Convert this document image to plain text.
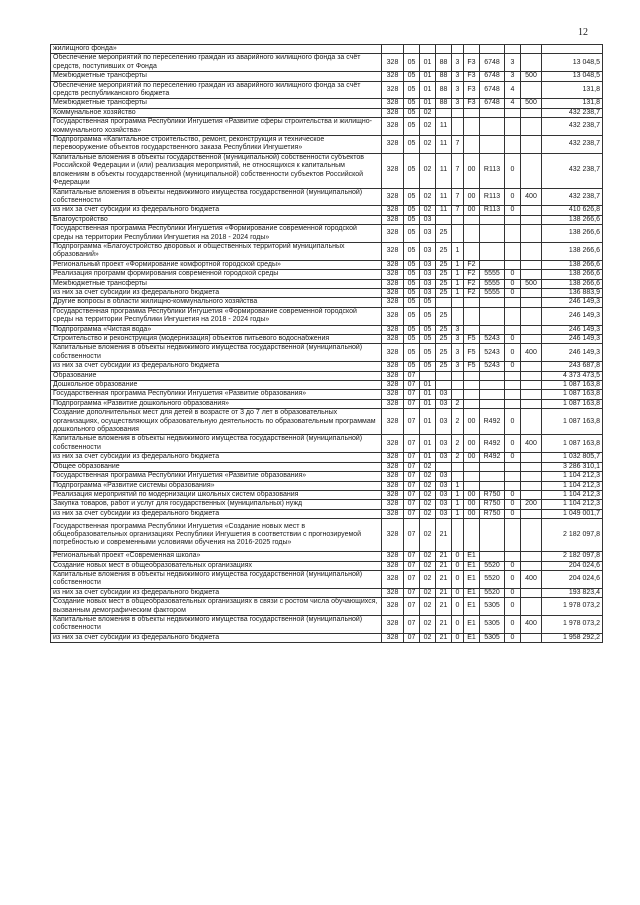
12
жилищного фонда»										
Обеспечение мероприятий по переселению граждан из аварийного жилищного фонда за счёт средств, поступивших от Фонда	328	05	01	88	3	F3	6748	3		13 048,5
Межбюджетные трансферты	328	05	01	88	3	F3	6748	3	500	13 048,5
Обеспечение мероприятий по переселению граждан из аварийного жилищного фонда за счёт средств республиканского бюджета	328	05	01	88	3	F3	6748	4		131,8
Межбюджетные трансферты	328	05	01	88	3	F3	6748	4	500	131,8
Коммунальное хозяйство	328	05	02							432 238,7
Государственная программа Республики Ингушетия «Развитие сферы строительства и жилищно-коммунального хозяйства»	328	05	02	11						432 238,7
Подпрограмма «Капитальное строительство, ремонт, реконструкция и техническое перевооружение объектов государственного заказа Республики Ингушетия»	328	05	02	11	7					432 238,7
Капитальные вложения в объекты государственной (муниципальной) собственности субъектов Российской Федерации и (или) реализация мероприятий, не относящихся к капитальным вложениям в объекты государственной (муниципальной) собственности субъектов Российской Федерации	328	05	02	11	7	00	R113	0		432 238,7
Капитальные вложения в объекты недвижимого имущества государственной (муниципальной) собственности	328	05	02	11	7	00	R113	0	400	432 238,7
из них за счет субсидии из федерального бюджета	328	05	02	11	7	00	R113	0		410 626,8
Благоустройство	328	05	03							138 266,6
Государственная программа Республики Ингушетия «Формирование современной городской среды на территории Республики Ингушетия на 2018 - 2024 годы»	328	05	03	25						138 266,6
Подпрограмма «Благоустройство дворовых и общественных территорий муниципальных образований»	328	05	03	25	1					138 266,6
Региональный проект «Формирование комфортной городской среды»	328	05	03	25	1	F2				138 266,6
Реализация программ формирования современной городской среды	328	05	03	25	1	F2	5555	0		138 266,6
Межбюджетные трансферты	328	05	03	25	1	F2	5555	0	500	138 266,6
из них за счет субсидии из федерального бюджета	328	05	03	25	1	F2	5555	0		136 883,9
Другие вопросы в области жилищно-коммунального хозяйства	328	05	05							246 149,3
Государственная программа Республики Ингушетия «Формирование современной городской среды на территории Республики Ингушетия на 2018 - 2024 годы»	328	05	05	25						246 149,3
Подпрограмма «Чистая вода»	328	05	05	25	3					246 149,3
Строительство и реконструкция (модернизация) объектов питьевого водоснабжения	328	05	05	25	3	F5	5243	0		246 149,3
Капитальные вложения в объекты недвижимого имущества государственной (муниципальной) собственности	328	05	05	25	3	F5	5243	0	400	246 149,3
из них за счет субсидии из федерального бюджета	328	05	05	25	3	F5	5243	0		243 687,8
Образование	328	07								4 373 473,5
Дошкольное образование	328	07	01							1 087 163,8
Государственная программа Республики Ингушетия «Развитие образования»	328	07	01	03						1 087 163,8
Подпрограмма «Развитие дошкольного образования»	328	07	01	03	2					1 087 163,8
Создание дополнительных мест для детей в возрасте от 3 до 7 лет в образовательных организациях, осуществляющих образовательную деятельность по образовательным программам дошкольного образования	328	07	01	03	2	00	R492	0		1 087 163,8
Капитальные вложения в объекты недвижимого имущества государственной (муниципальной) собственности	328	07	01	03	2	00	R492	0	400	1 087 163,8
из них за счет субсидии из федерального бюджета	328	07	01	03	2	00	R492	0		1 032 805,7
Общее образование	328	07	02							3 286 310,1
Государственная программа Республики Ингушетия «Развитие образования»	328	07	02	03						1 104 212,3
Подпрограмма «Развитие системы образования»	328	07	02	03	1					1 104 212,3
Реализация мероприятий по модернизации школьных систем образования	328	07	02	03	1	00	R750	0		1 104 212,3
Закупка товаров, работ и услуг для государственных (муниципальных) нужд	328	07	02	03	1	00	R750	0	200	1 104 212,3
из них за счет субсидии из федерального бюджета	328	07	02	03	1	00	R750	0		1 049 001,7
Государственная программа Республики Ингушетия «Создание новых мест в общеобразовательных организациях Республики Ингушетия в соответствии с прогнозируемой потребностью и современными условиями обучения на 2016-2025 годы»	328	07	02	21						2 182 097,8
Региональный проект «Современная школа»	328	07	02	21	0	E1				2 182 097,8
Создание новых мест в общеобразовательных организациях	328	07	02	21	0	E1	5520	0		204 024,6
Капитальные вложения в объекты недвижимого имущества государственной (муниципальной) собственности	328	07	02	21	0	E1	5520	0	400	204 024,6
из них за счет субсидии из федерального бюджета	328	07	02	21	0	E1	5520	0		193 823,4
Создание новых мест в общеобразовательных организациях в связи с ростом числа обучающихся, вызванным демографическим фактором	328	07	02	21	0	E1	5305	0		1 978 073,2
Капитальные вложения в объекты недвижимого имущества государственной (муниципальной) собственности	328	07	02	21	0	E1	5305	0	400	1 978 073,2
из них за счет субсидии из федерального бюджета	328	07	02	21	0	E1	5305	0		1 958 292,2
